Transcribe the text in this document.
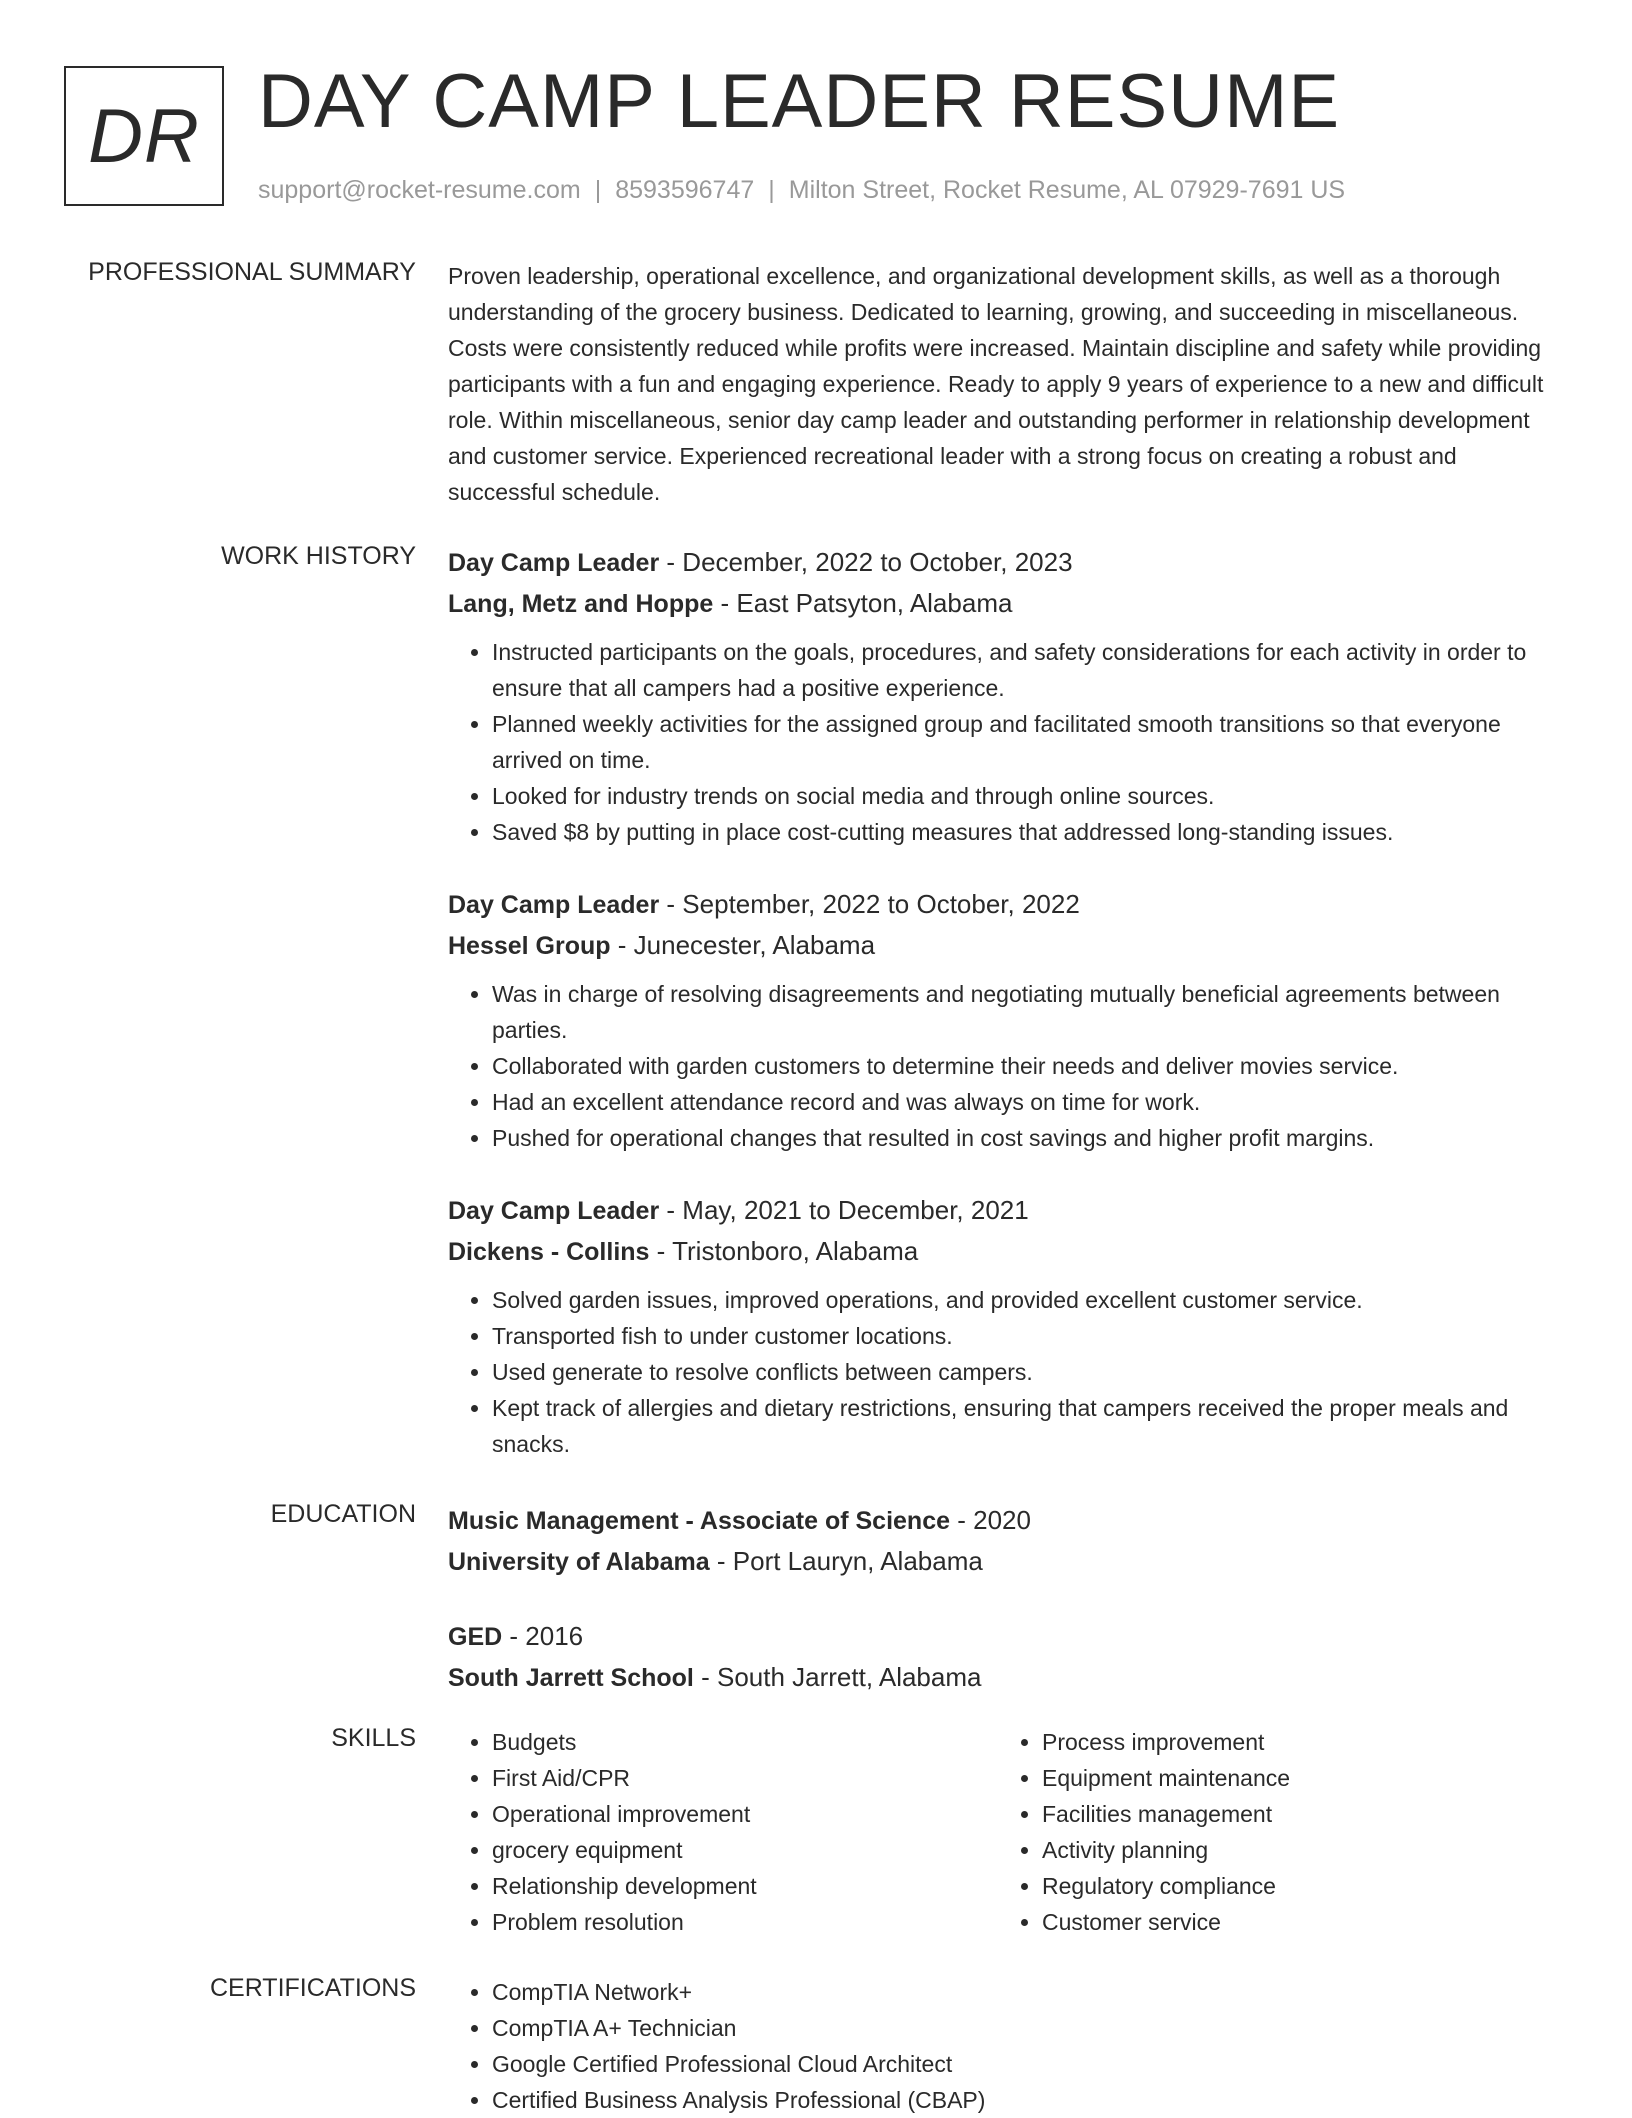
DR DAY CAMP LEADER RESUME
support@rocket-resume.com | 8593596747 | Milton Street, Rocket Resume, AL 07929-7691 US
PROFESSIONAL SUMMARY Proven leadership, operational excellence, and organizational development skills, as well as a thorough understanding of the grocery business. Dedicated to learning, growing, and succeeding in miscellaneous. Costs were consistently reduced while profits were increased. Maintain discipline and safety while providing participants with a fun and engaging experience. Ready to apply 9 years of experience to a new and difficult role. Within miscellaneous, senior day camp leader and outstanding performer in relationship development and customer service. Experienced recreational leader with a strong focus on creating a robust and successful schedule.

WORK HISTORY Day Camp Leader - December, 2022 to October, 2023
Lang, Metz and Hoppe - East Patsyton, Alabama
• Instructed participants on the goals, procedures, and safety considerations for each activity in order to ensure that all campers had a positive experience.
• Planned weekly activities for the assigned group and facilitated smooth transitions so that everyone arrived on time.
• Looked for industry trends on social media and through online sources.
• Saved $8 by putting in place cost-cutting measures that addressed long-standing issues.
Day Camp Leader - September, 2022 to October, 2022
Hessel Group - Junecester, Alabama
• Was in charge of resolving disagreements and negotiating mutually beneficial agreements between parties.
• Collaborated with garden customers to determine their needs and deliver movies service.
• Had an excellent attendance record and was always on time for work.
• Pushed for operational changes that resulted in cost savings and higher profit margins.
Day Camp Leader - May, 2021 to December, 2021
Dickens - Collins - Tristonboro, Alabama
• Solved garden issues, improved operations, and provided excellent customer service.
• Transported fish to under customer locations.
• Used generate to resolve conflicts between campers.
• Kept track of allergies and dietary restrictions, ensuring that campers received the proper meals and snacks.
EDUCATION Music Management - Associate of Science - 2020
University of Alabama - Port Lauryn, Alabama
GED - 2016
South Jarrett School - South Jarrett, Alabama
SKILLS	• Budgets
• First Aid/CPR
• Operational improvement
• grocery equipment
• Relationship development
• Problem resolution
• Process improvement
• Equipment maintenance
• Facilities management
• Activity planning
• Regulatory compliance
• Customer service
CERTIFICATIONS	• CompTIA Network+
• CompTIA A+ Technician
• Google Certified Professional Cloud Architect
• Certified Business Analysis Professional (CBAP)
